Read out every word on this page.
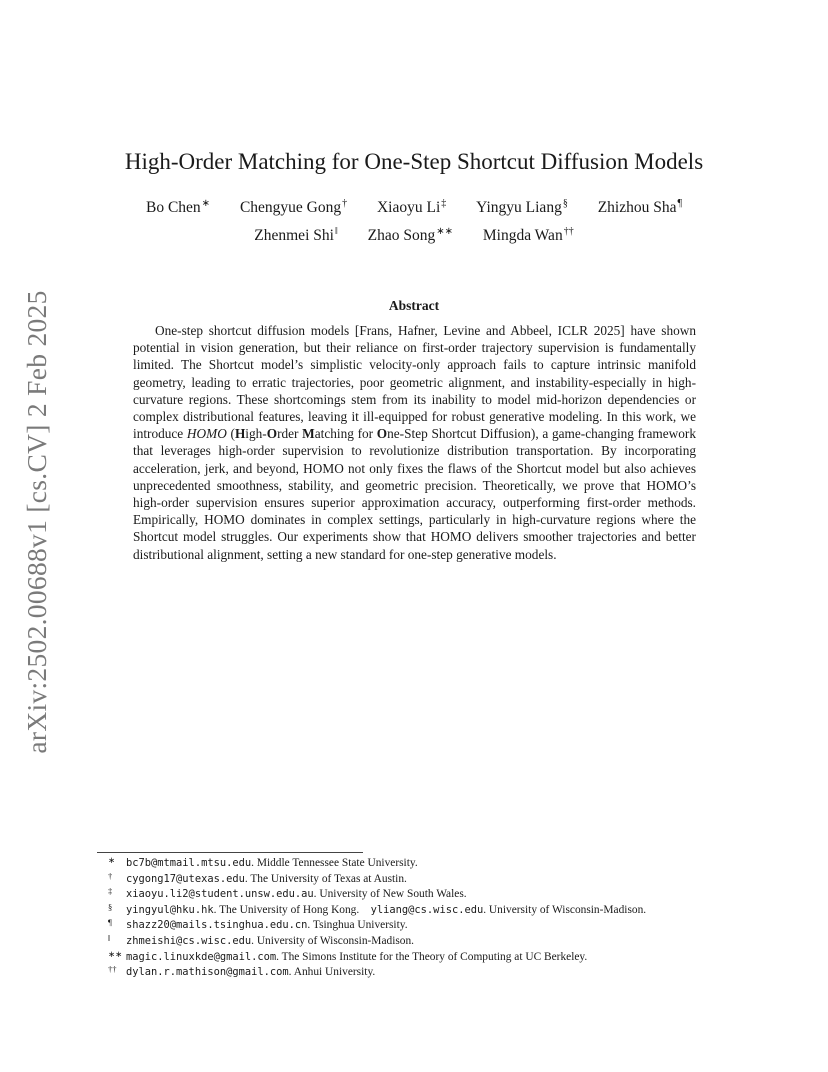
arXiv:2502.00688v1 [cs.CV] 2 Feb 2025
High-Order Matching for One-Step Shortcut Diffusion Models
Bo Chen∗ Chengyue Gong† Xiaoyu Li‡ Yingyu Liang§ Zhizhou Sha¶
Zhenmei Shi‖ Zhao Song∗∗ Mingda Wan††
Abstract

One-step shortcut diffusion models [Frans, Hafner, Levine and Abbeel, ICLR 2025] have shown potential in vision generation, but their reliance on first-order trajectory supervision is fundamentally limited. The Shortcut model’s simplistic velocity-only approach fails to capture intrinsic manifold geometry, leading to erratic trajectories, poor geometric alignment, and instability-especially in high-curvature regions. These shortcomings stem from its inability to model mid-horizon dependencies or complex distributional features, leaving it ill-equipped for robust generative modeling. In this work, we introduce HOMO (High-Order Matching for One-Step Shortcut Diffusion), a game-changing framework that leverages high-order supervision to revolutionize distribution transportation. By incorporating acceleration, jerk, and beyond, HOMO not only fixes the flaws of the Shortcut model but also achieves unprecedented smoothness, stability, and geometric precision. Theoretically, we prove that HOMO’s high-order supervision ensures superior approximation accuracy, outperforming first-order methods. Empirically, HOMO dominates in complex settings, particularly in high-curvature regions where the Shortcut model struggles. Our experiments show that HOMO delivers smoother trajectories and better distributional alignment, setting a new standard for one-step generative models.

∗	bc7b@mtmail.mtsu.edu. Middle Tennessee State University.
†	cygong17@utexas.edu. The University of Texas at Austin.
‡	xiaoyu.li2@student.unsw.edu.au. University of New South Wales.
§	yingyul@hku.hk. The University of Hong Kong. yliang@cs.wisc.edu. University of Wisconsin-Madison.
¶	shazz20@mails.tsinghua.edu.cn. Tsinghua University.
‖	zhmeishi@cs.wisc.edu. University of Wisconsin-Madison.
∗∗ magic.linuxkde@gmail.com. The Simons Institute for the Theory of Computing at UC Berkeley.
†† dylan.r.mathison@gmail.com. Anhui University.
